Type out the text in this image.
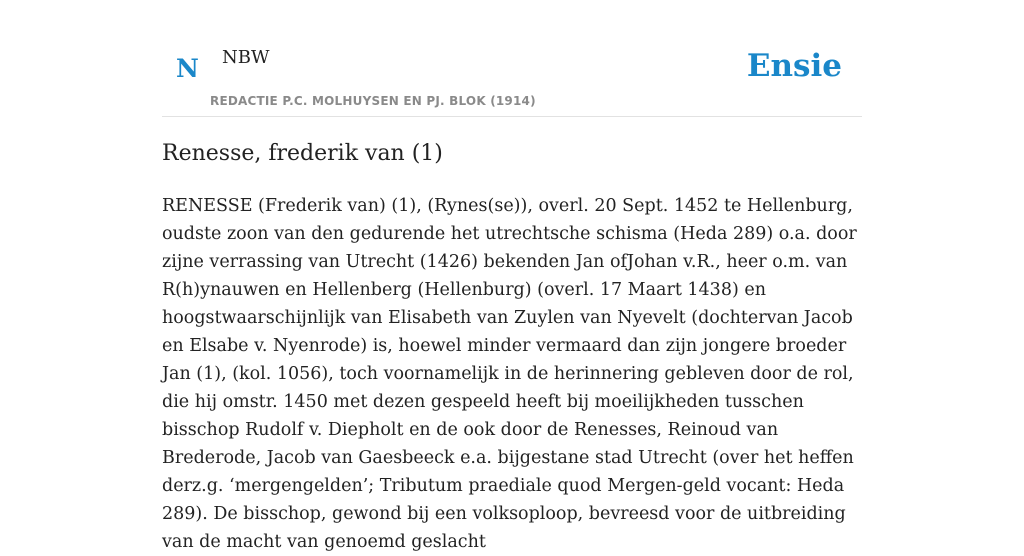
N NBW
REDACTIE P.C. MOLHUYSEN EN PJ. BLOK (1914)
Ensie
Renesse, frederik van (1)

RENESSE (Frederik van) (1), (Rynes(se)), overl. 20 Sept. 1452 te Hellenburg, oudste zoon van den gedurende het utrechtsche schisma (Heda 289) o.a. door zijne verrassing van Utrecht (1426) bekenden Jan ofJohan v.R., heer o.m. van R(h)ynauwen en Hellenberg (Hellenburg) (overl. 17 Maart 1438) en hoogstwaarschijnlijk van Elisabeth van Zuylen van Nyevelt (dochtervan Jacob en Elsabe v. Nyenrode) is, hoewel minder vermaard dan zijn jongere broeder Jan (1), (kol. 1056), toch voornamelijk in de herinnering gebleven door de rol, die hij omstr. 1450 met dezen gespeeld heeft bij moeilijkheden tusschen bisschop Rudolf v. Diepholt en de ook door de Renesses, Reinoud van Brederode, Jacob van Gaesbeeck e.a. bijgestane stad Utrecht (over het heffen derz.g. ‘mergengelden’; Tributum praediale quod Mergen-geld vocant: Heda 289). De bisschop, gewond bij een volksoploop, bevreesd voor de uitbreiding van de macht van genoemd geslacht
